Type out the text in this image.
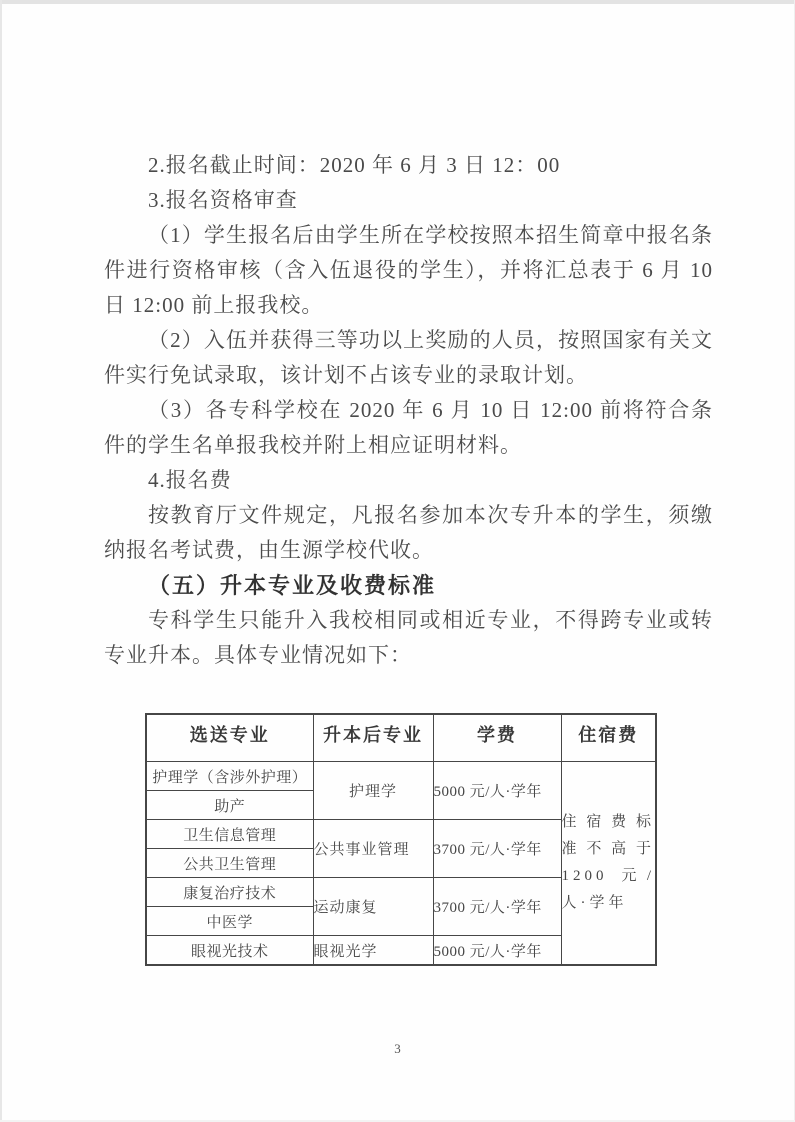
2.报名截止时间：2020 年 6 月 3 日 12：00

3.报名资格审查

（1）学生报名后由学生所在学校按照本招生简章中报名条件进行资格审核（含入伍退役的学生），并将汇总表于 6 月 10 日 12:00 前上报我校。

（2）入伍并获得三等功以上奖励的人员，按照国家有关文件实行免试录取，该计划不占该专业的录取计划。

（3）各专科学校在 2020 年 6 月 10 日 12:00 前将符合条件的学生名单报我校并附上相应证明材料。

4.报名费

按教育厅文件规定，凡报名参加本次专升本的学生，须缴纳报名考试费，由生源学校代收。

（五）升本专业及收费标准

专科学生只能升入我校相同或相近专业，不得跨专业或转专业升本。具体专业情况如下：

选送专业	升本后专业	学费	住宿费
护理学（含涉外护理）	护理学	5000 元/人·学年	住宿费标准不高于1200 元/人·学年
助产			
卫生信息管理	公共事业管理	3700 元/人·学年	
公共卫生管理			
康复治疗技术	运动康复	3700 元/人·学年	
中医学			
眼视光技术	眼视光学	5000 元/人·学年	
3
